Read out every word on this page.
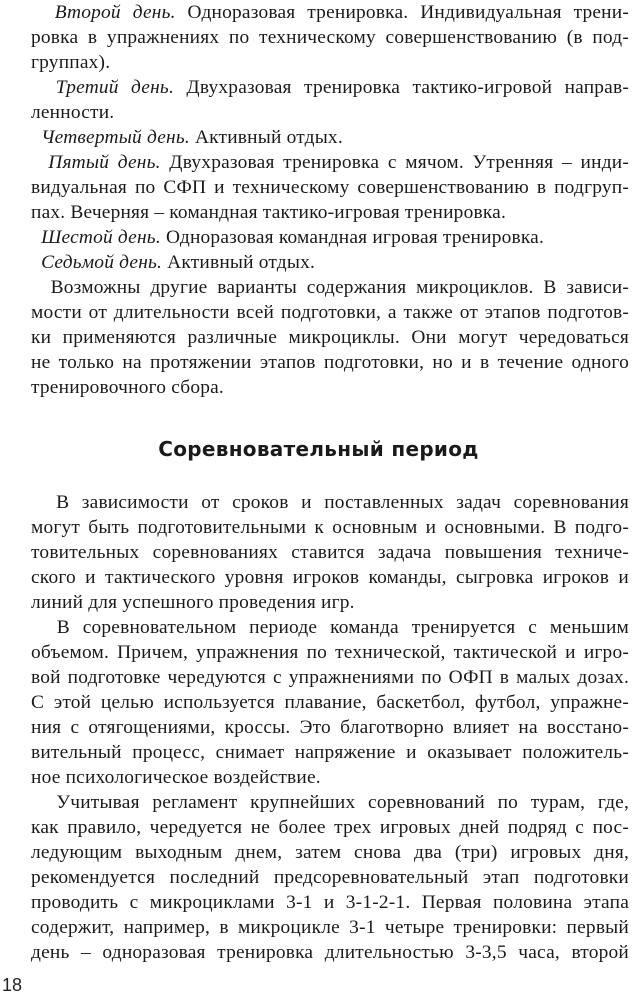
Второй день. Одноразовая тренировка. Индивидуальная трени-
ровка в упражнениях по техническому совершенствованию (в под-
группах).
Третий день. Двухразовая тренировка тактико-игровой направ-
ленности.
Четвертый день. Активный отдых.
Пятый день. Двухразовая тренировка с мячом. Утренняя – инди-
видуальная по СФП и техническому совершенствованию в подгруп-
пах. Вечерняя – командная тактико-игровая тренировка.
Шестой день. Одноразовая командная игровая тренировка.
Седьмой день. Активный отдых.
Возможны другие варианты содержания микроциклов. В зависи-
мости от длительности всей подготовки, а также от этапов подготов-
ки применяются различные микроциклы. Они могут чередоваться
не только на протяжении этапов подготовки, но и в течение одного
тренировочного сбора.
Соревновательный период
В зависимости от сроков и поставленных задач соревнования
могут быть подготовительными к основным и основными. В подго-
товительных соревнованиях ставится задача повышения техниче-
ского и тактического уровня игроков команды, сыгровка игроков и
линий для успешного проведения игр.
В соревновательном периоде команда тренируется с меньшим
объемом. Причем, упражнения по технической, тактической и игро-
вой подготовке чередуются с упражнениями по ОФП в малых дозах.
С этой целью используется плавание, баскетбол, футбол, упражне-
ния с отягощениями, кроссы. Это благотворно влияет на восстано-
вительный процесс, снимает напряжение и оказывает положитель-
ное психологическое воздействие.
Учитывая регламент крупнейших соревнований по турам, где,
как правило, чередуется не более трех игровых дней подряд с пос-
ледующим выходным днем, затем снова два (три) игровых дня,
рекомендуется последний предсоревновательный этап подготовки
проводить с микроциклами 3-1 и 3-1-2-1. Первая половина этапа
содержит, например, в микроцикле 3-1 четыре тренировки: первый
день – одноразовая тренировка длительностью 3-3,5 часа, второй
18
